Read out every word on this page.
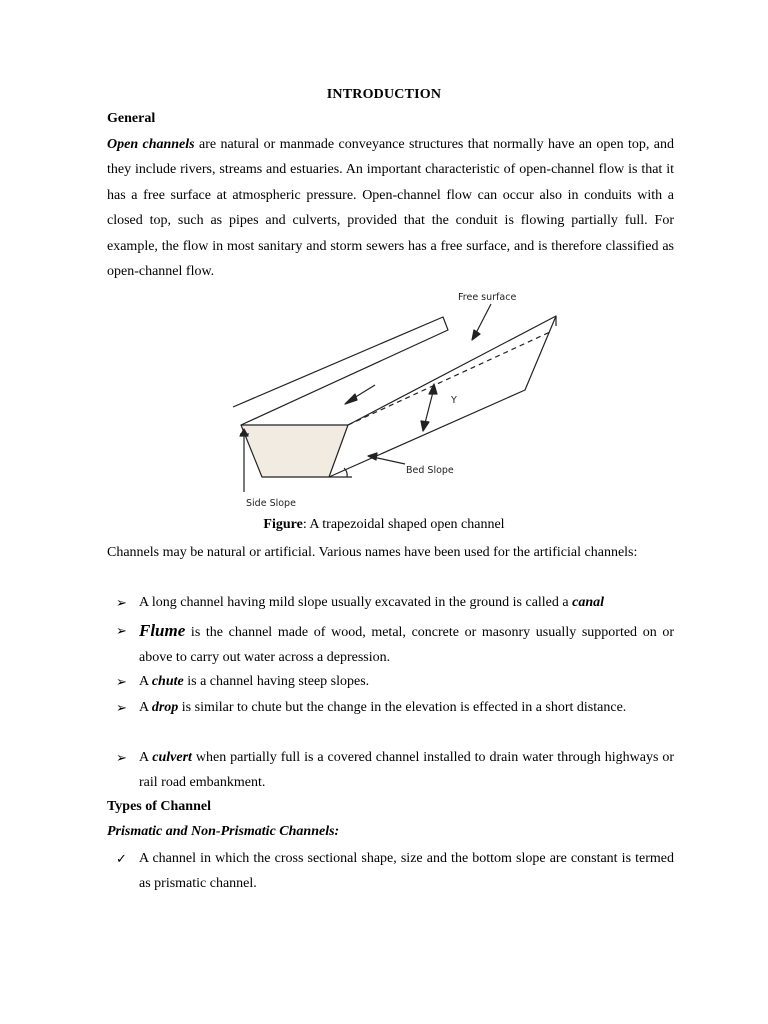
INTRODUCTION
General
Open channels are natural or manmade conveyance structures that normally have an open top, and they include rivers, streams and estuaries. An important characteristic of open-channel flow is that it has a free surface at atmospheric pressure. Open-channel flow can occur also in conduits with a closed top, such as pipes and culverts, provided that the conduit is flowing partially full. For example, the flow in most sanitary and storm sewers has a free surface, and is therefore classified as open-channel flow.
Free surface
Y
Bed Slope
Side Slope
Figure: A trapezoidal shaped open channel
Channels may be natural or artificial. Various names have been used for the artificial channels:
➢ A long channel having mild slope usually excavated in the ground is called a canal
➢ Flume is the channel made of wood, metal, concrete or masonry usually supported on or above to carry out water across a depression.
➢ A chute is a channel having steep slopes.
➢ A drop is similar to chute but the change in the elevation is effected in a short distance.
➢ A culvert when partially full is a covered channel installed to drain water through highways or rail road embankment.
Types of Channel
Prismatic and Non-Prismatic Channels:
✓ A channel in which the cross sectional shape, size and the bottom slope are constant is termed as prismatic channel.
